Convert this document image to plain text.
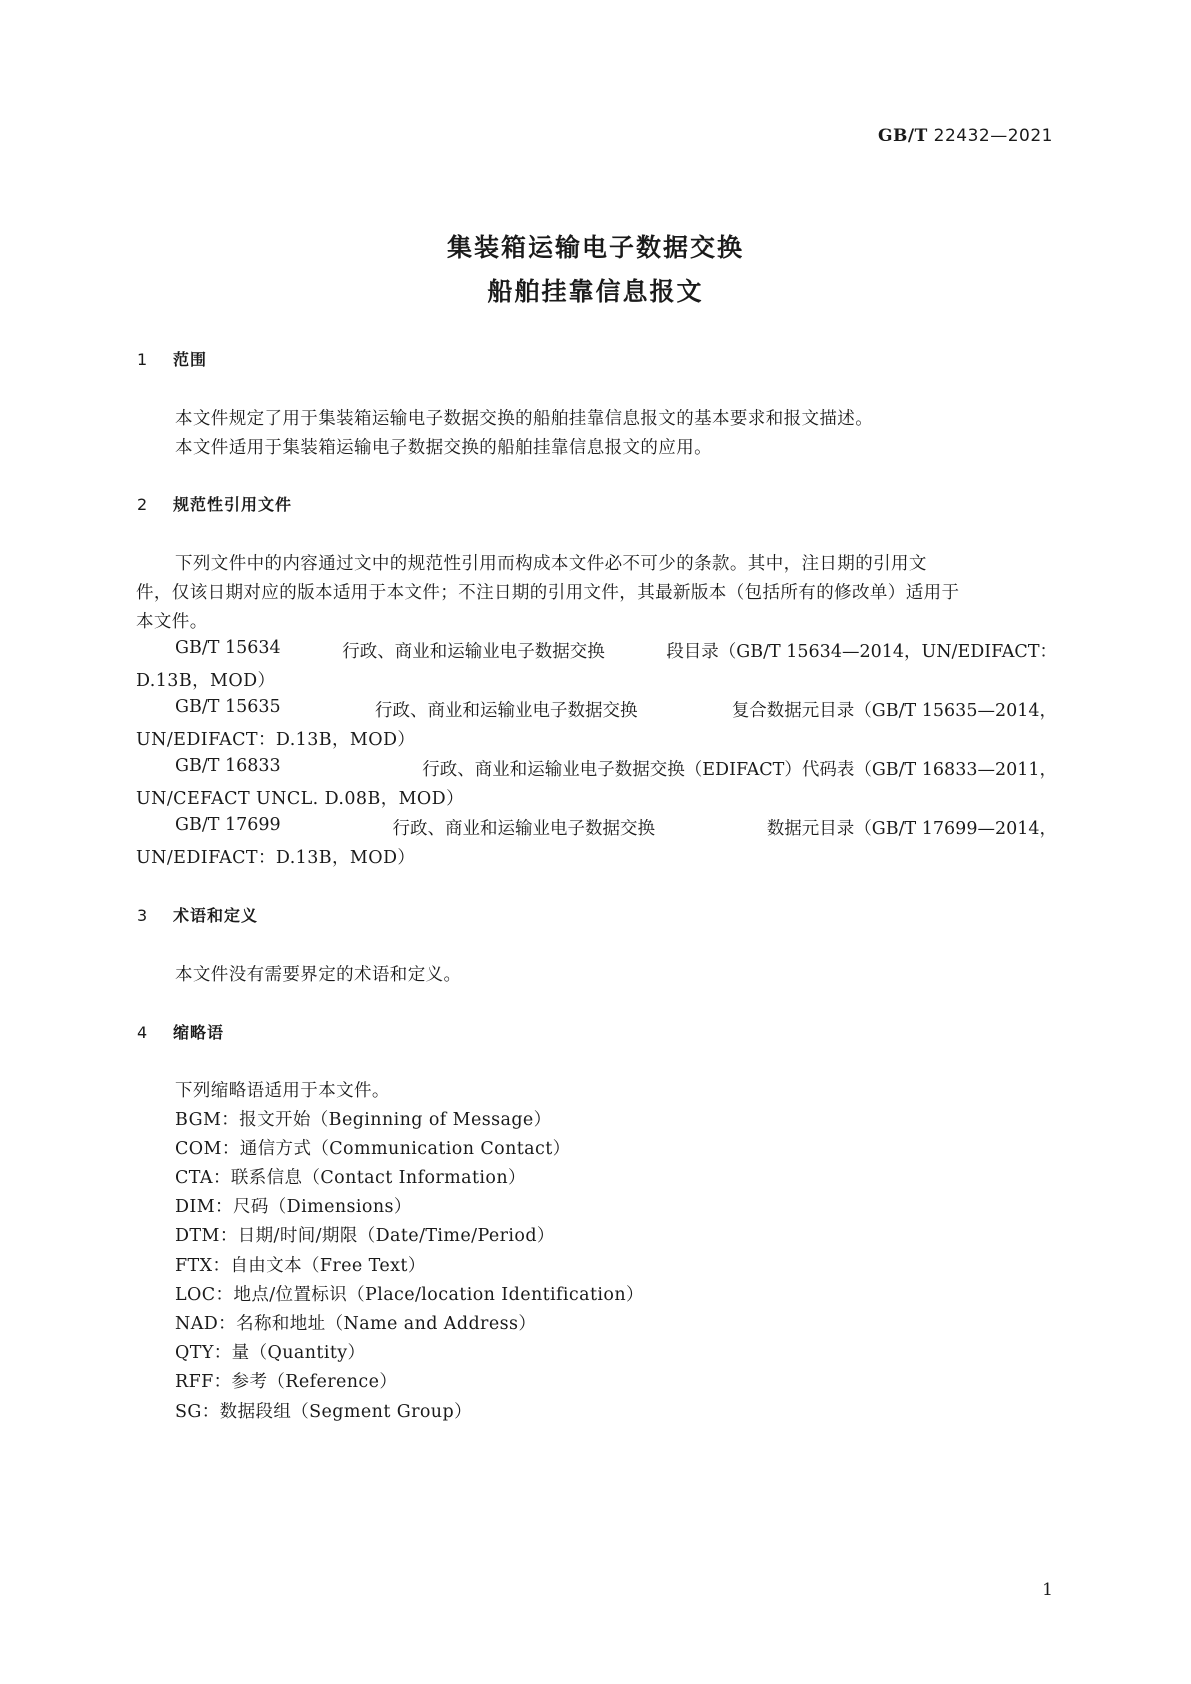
GB/T 22432—2021
集装箱运输电子数据交换
船舶挂靠信息报文
1 范围
本文件规定了用于集装箱运输电子数据交换的船舶挂靠信息报文的基本要求和报文描述。
本文件适用于集装箱运输电子数据交换的船舶挂靠信息报文的应用。
2 规范性引用文件
下列文件中的内容通过文中的规范性引用而构成本文件必不可少的条款。其中，注日期的引用文
件，仅该日期对应的版本适用于本文件；不注日期的引用文件，其最新版本（包括所有的修改单）适用于
本文件。
GB/T 15634	行政、商业和运输业电子数据交换	段目录（GB/T 15634—2014，UN/EDIFACT：
D.13B，MOD）
GB/T 15635	行政、商业和运输业电子数据交换	复合数据元目录（GB/T 15635—2014，
UN/EDIFACT：D.13B，MOD）
GB/T 16833	行政、商业和运输业电子数据交换（EDIFACT）代码表（GB/T 16833—2011，
UN/CEFACT UNCL. D.08B，MOD）
GB/T 17699	行政、商业和运输业电子数据交换	数据元目录（GB/T 17699—2014，
UN/EDIFACT：D.13B，MOD）
3 术语和定义
本文件没有需要界定的术语和定义。
4 缩略语
下列缩略语适用于本文件。
BGM：报文开始（Beginning of Message）
COM：通信方式（Communication Contact）
CTA：联系信息（Contact Information）
DIM：尺码（Dimensions）
DTM：日期/时间/期限（Date/Time/Period）
FTX：自由文本（Free Text）
LOC：地点/位置标识（Place/location Identification）
NAD：名称和地址（Name and Address）
QTY：量（Quantity）
RFF：参考（Reference）
SG：数据段组（Segment Group）
1
